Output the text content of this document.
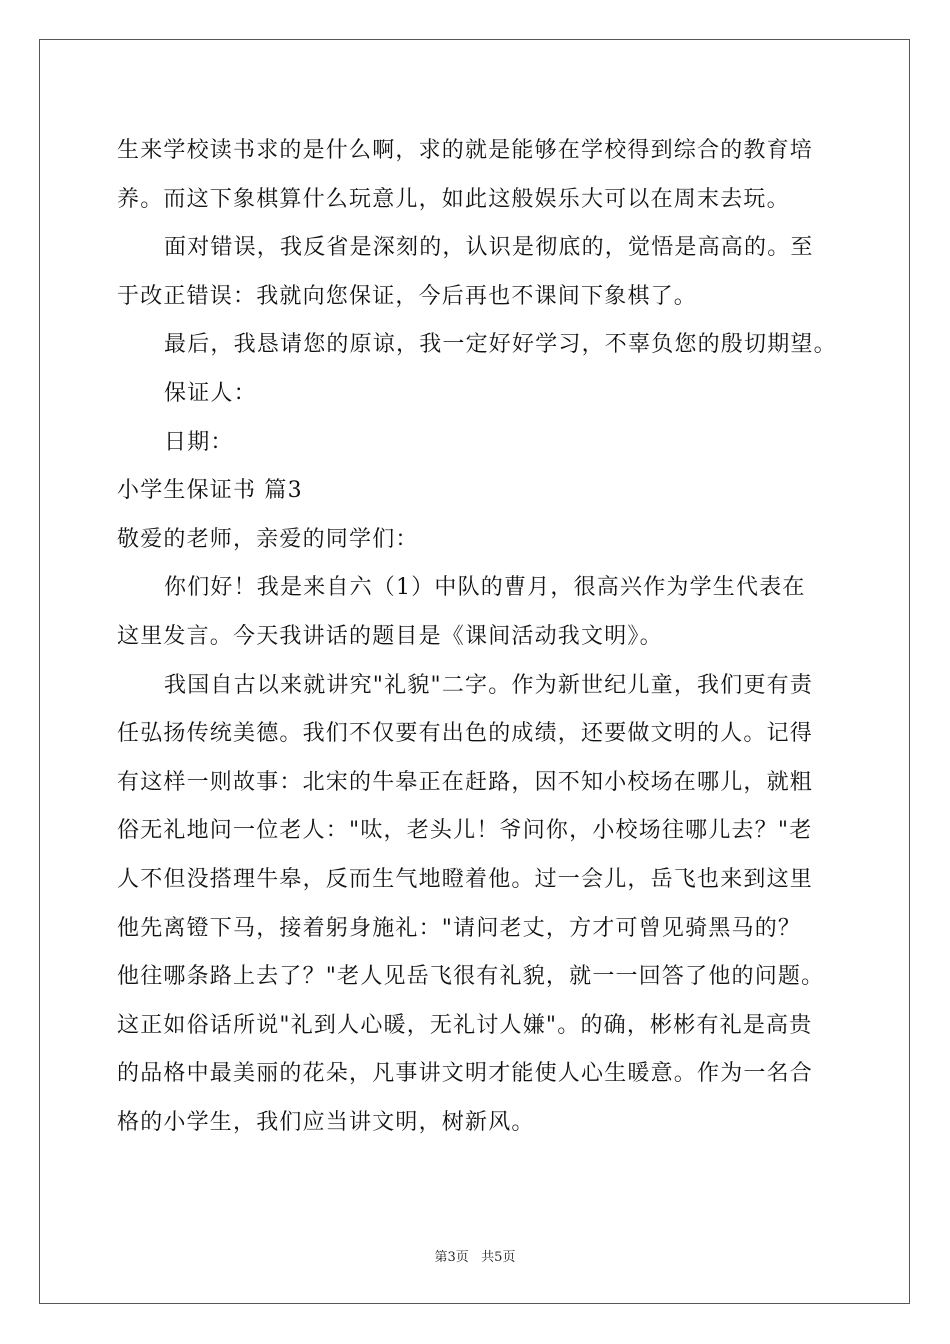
生来学校读书求的是什么啊，求的就是能够在学校得到综合的教育培
养。而这下象棋算什么玩意儿，如此这般娱乐大可以在周末去玩。
面对错误，我反省是深刻的，认识是彻底的，觉悟是高高的。至
于改正错误：我就向您保证，今后再也不课间下象棋了。
最后，我恳请您的原谅，我一定好好学习，不辜负您的殷切期望。
保证人：
日期：
小学生保证书 篇3
敬爱的老师，亲爱的同学们：
你们好！我是来自六（1）中队的曹月，很高兴作为学生代表在
这里发言。今天我讲话的题目是《课间活动我文明》。
我国自古以来就讲究"礼貌"二字。作为新世纪儿童，我们更有责
任弘扬传统美德。我们不仅要有出色的成绩，还要做文明的人。记得
有这样一则故事：北宋的牛皋正在赶路，因不知小校场在哪儿，就粗
俗无礼地问一位老人："呔，老头儿！爷问你，小校场往哪儿去？"老
人不但没搭理牛皋，反而生气地瞪着他。过一会儿，岳飞也来到这里
他先离镫下马，接着躬身施礼："请问老丈，方才可曾见骑黑马的？
他往哪条路上去了？"老人见岳飞很有礼貌，就一一回答了他的问题。
这正如俗话所说"礼到人心暖，无礼讨人嫌"。的确，彬彬有礼是高贵
的品格中最美丽的花朵，凡事讲文明才能使人心生暖意。作为一名合
格的小学生，我们应当讲文明，树新风。
第3页   共5页
